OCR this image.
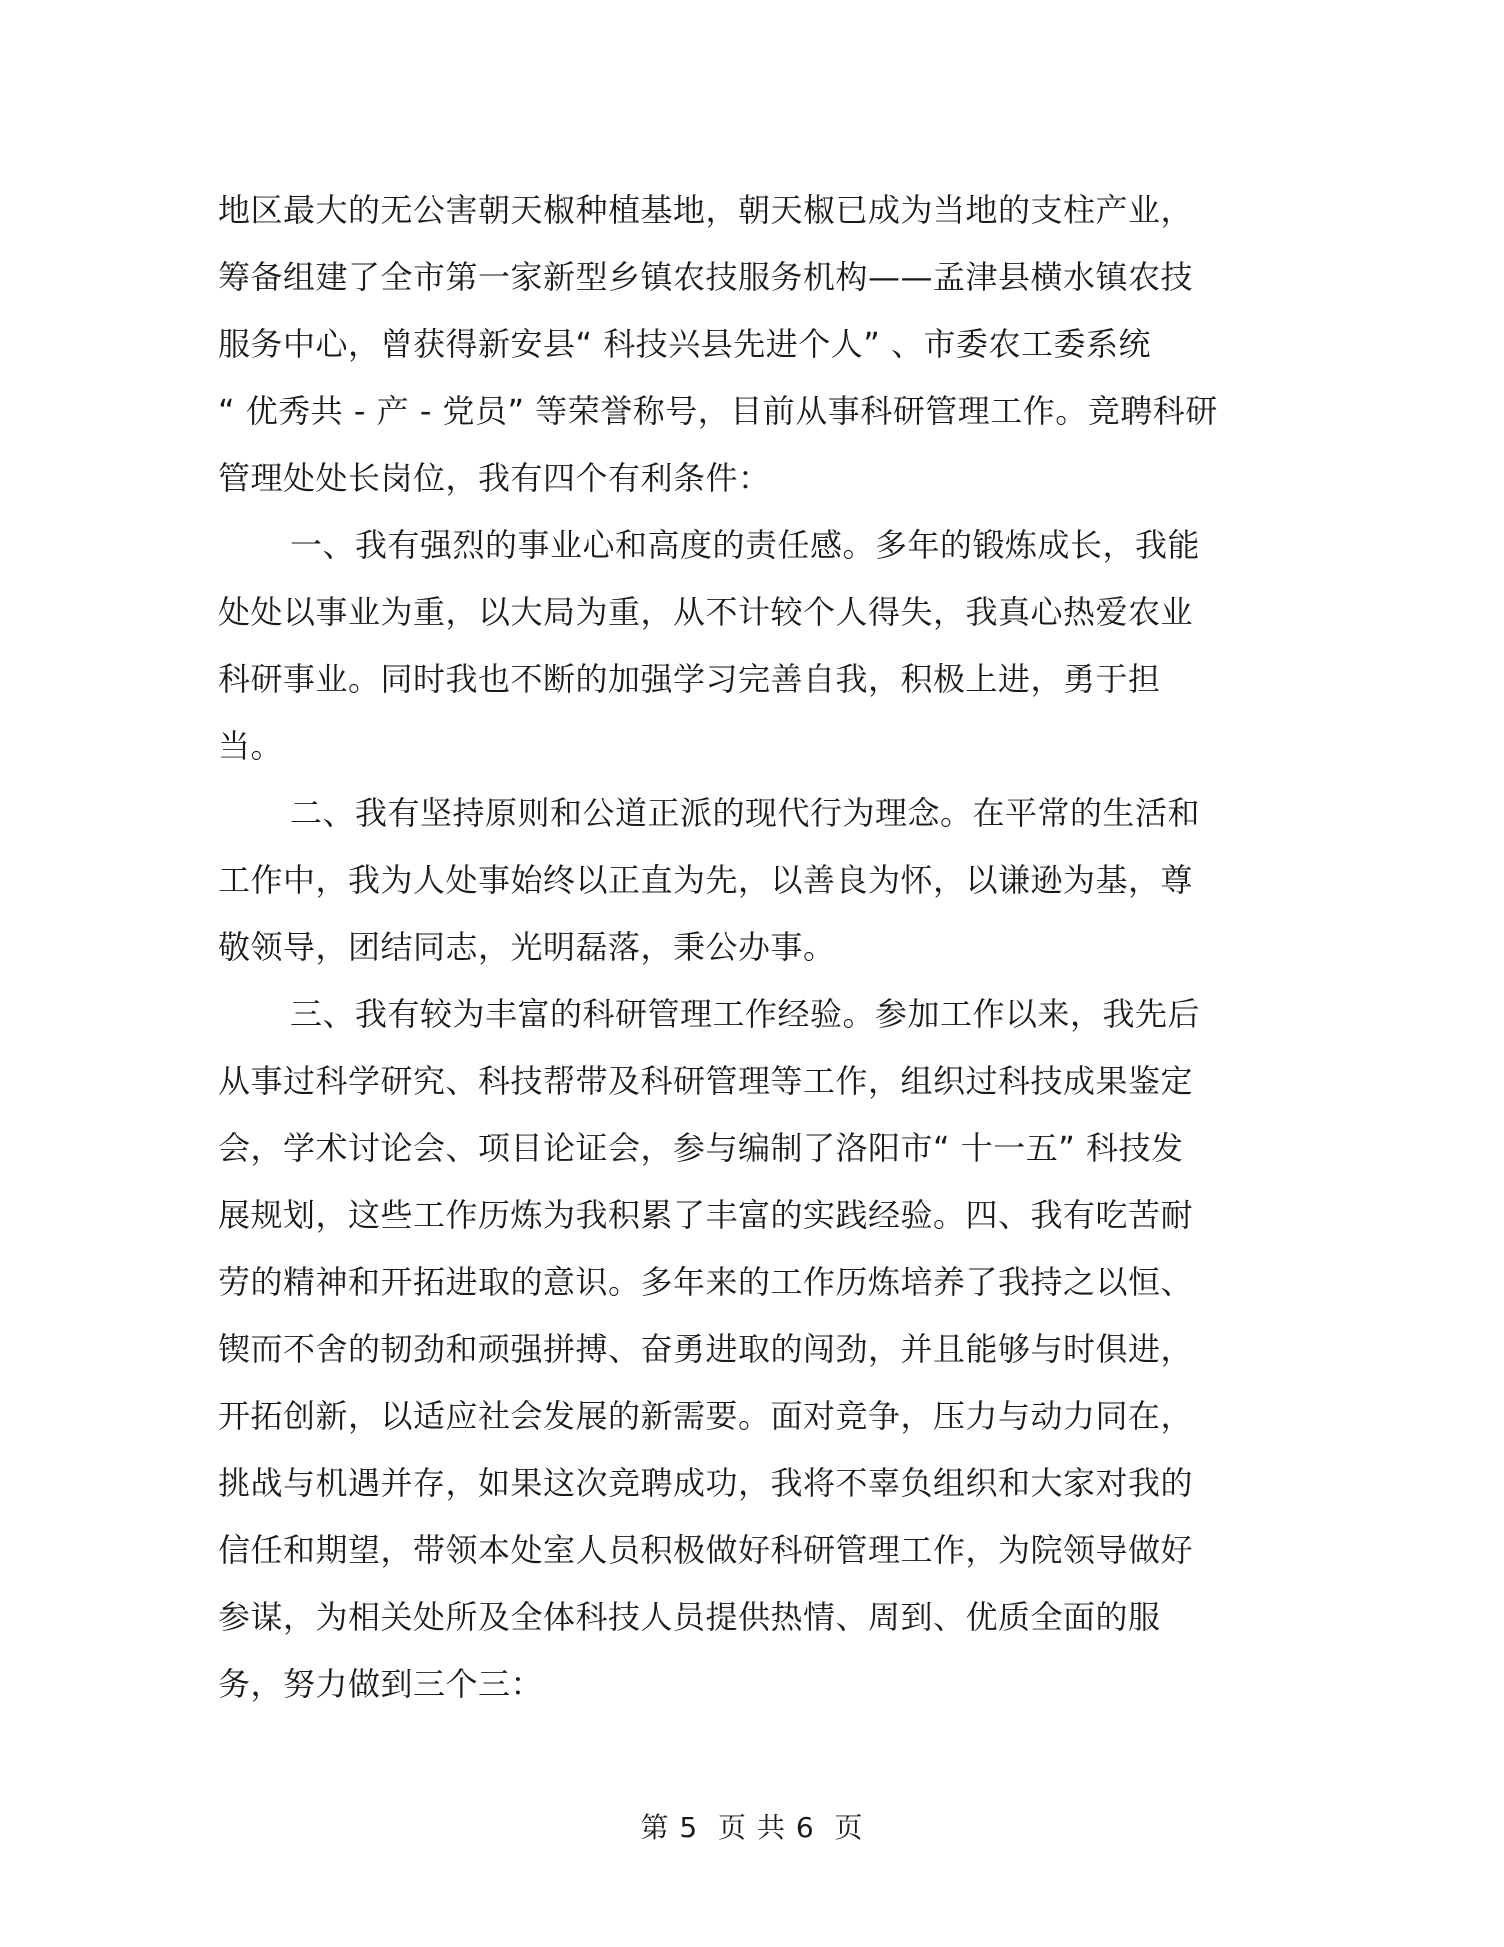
地区最大的无公害朝天椒种植基地，朝天椒已成为当地的支柱产业，
筹备组建了全市第一家新型乡镇农技服务机构——孟津县横水镇农技
服务中心，曾获得新安县“ 科技兴县先进个人” 、市委农工委系统
“ 优秀共 - 产 - 党员” 等荣誉称号，目前从事科研管理工作。竞聘科研
管理处处长岗位，我有四个有利条件：
一、我有强烈的事业心和高度的责任感。多年的锻炼成长，我能
处处以事业为重，以大局为重，从不计较个人得失，我真心热爱农业
科研事业。同时我也不断的加强学习完善自我，积极上进，勇于担
当。
二、我有坚持原则和公道正派的现代行为理念。在平常的生活和
工作中，我为人处事始终以正直为先，以善良为怀，以谦逊为基，尊
敬领导，团结同志，光明磊落，秉公办事。
三、我有较为丰富的科研管理工作经验。参加工作以来，我先后
从事过科学研究、科技帮带及科研管理等工作，组织过科技成果鉴定
会，学术讨论会、项目论证会，参与编制了洛阳市“ 十一五” 科技发
展规划，这些工作历炼为我积累了丰富的实践经验。四、我有吃苦耐
劳的精神和开拓进取的意识。多年来的工作历炼培养了我持之以恒、
锲而不舍的韧劲和顽强拼搏、奋勇进取的闯劲，并且能够与时俱进，
开拓创新，以适应社会发展的新需要。面对竞争，压力与动力同在，
挑战与机遇并存，如果这次竞聘成功，我将不辜负组织和大家对我的
信任和期望，带领本处室人员积极做好科研管理工作，为院领导做好
参谋，为相关处所及全体科技人员提供热情、周到、优质全面的服
务，努力做到三个三：
第 5  页 共 6  页
